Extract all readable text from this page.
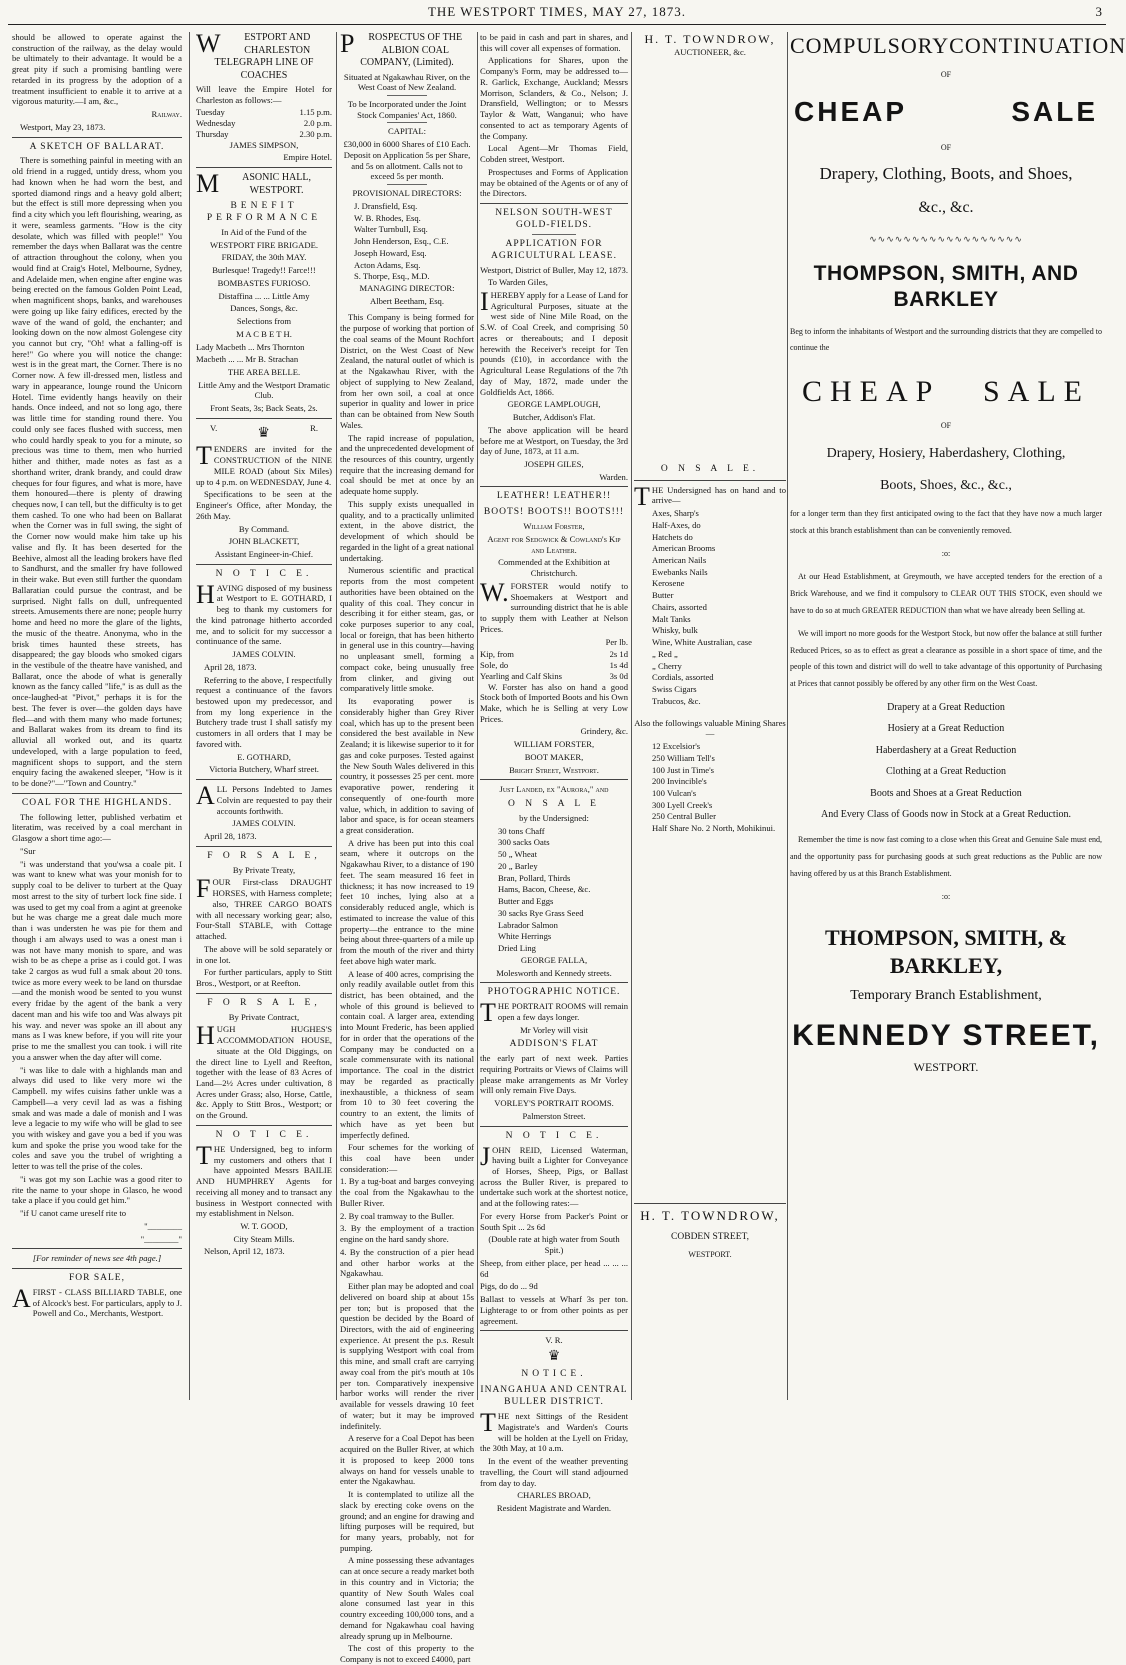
THE WESTPORT TIMES, MAY 27, 1873.	3

should be allowed to operate against the construction of the railway, as the delay would be ultimately to their advantage. It would be a great pity if such a promising bantling were retarded in its progress by the adoption of a treatment insufficient to enable it to arrive at a vigorous maturity.—I am, &c.,

Railway.

Westport, May 23, 1873.

A SKETCH OF BALLARAT.

There is something painful in meeting with an old friend in a rugged, untidy dress, whom you had known when he had worn the best, and sported diamond rings and a heavy gold albert; but the effect is still more depressing when you find a city which you left flourishing, wearing, as it were, seamless garments. "How is the city desolate, which was filled with people!" You remember the days when Ballarat was the centre of attraction throughout the colony, when you would find at Craig's Hotel, Melbourne, Sydney, and Adelaide men, when engine after engine was being erected on the famous Golden Point Lead, when magnificent shops, banks, and warehouses were going up like fairy edifices, erected by the wave of the wand of gold, the enchanter; and looking down on the now almost Golengese city you cannot but cry, "Oh! what a falling-off is here!" Go where you will notice the change: west is in the great mart, the Corner. There is no Corner now. A few ill-dressed men, listless and wary in appearance, lounge round the Unicorn Hotel. Time evidently hangs heavily on their hands. Once indeed, and not so long ago, there was little time for standing round there. You could only see faces flushed with success, men who could hardly speak to you for a minute, so precious was time to them, men who hurried hither and thither, made notes as fast as a shorthand writer, drank brandy, and could draw cheques for four figures, and what is more, have them honoured—there is plenty of drawing cheques now, I can tell, but the difficulty is to get them cashed. To one who had been on Ballarat when the Corner was in full swing, the sight of the Corner now would make him take up his valise and fly. It has been deserted for the Beehive, almost all the leading brokers have fled to Sandhurst, and the smaller fry have followed in their wake. But even still further the quondam Ballaratian could pursue the contrast, and be surprised. Night falls on dull, unfrequented streets. Amusements there are none; people hurry home and heed no more the glare of the lights, the music of the theatre. Anonyma, who in the brisk times haunted these streets, has disappeared; the gay bloods who smoked cigars in the vestibule of the theatre have vanished, and Ballarat, once the abode of what is generally known as the fancy called "life," is as dull as the once-laughed-at "Pivot," perhaps it is for the best. The fever is over—the golden days have fled—and with them many who made fortunes; and Ballarat wakes from its dream to find its alluvial all worked out, and its quartz undeveloped, with a large population to feed, magnificent shops to support, and the stern enquiry facing the awakened sleeper, "How is it to be done?"—"Town and Country."

COAL FOR THE HIGHLANDS.

The following letter, published verbatim et literatim, was received by a coal merchant in Glasgow a short time ago:—

"Sur

"i was understand that you'wsa a coale pit. I was want to knew what was your monish for to supply coal to be deliver to turbert at the Quay most arrest to the sity of turbert lock fine side. I was used to get my coal from a agint at greenoke but he was charge me a great dale much more than i was understen he was pie for them and though i am always used to was a onest man i was not have many monish to spare, and was wish to be as chepe a prise as i could got. I was take 2 cargos as wud full a smak about 20 tons. twice as more every week to be land on thursdae—and the monish wood be sented to you wunst every fridae by the agent of the bank a very dacent man and his wife too and Was always pit his way. and never was spoke an ill about any mans as I was knew before, if you will rite your prise to me the smallest you can took. i will rite you a answer when the day after will come.

"i was like to dale with a highlands man and always did used to like very more wi the Campbell. my wifes cuisins father unkle was a Campbell—a very cevil lad as was a fishing smak and was made a dale of monish and I was leve a legacie to my wife who will be glad to see you with wiskey and gave you a bed if you was kum and spoke the prise you wood take for the coles and save you the trubel of wrighting a letter to was tell the prise of the coles.

"i was got my son Lachie was a good riter to rite the name to your shope in Glasco, he wood take a place if you could get him."

"if U canot came ureself rite to

"________

"________"

[For reminder of news see 4th page.]

FOR SALE,

AFIRST - CLASS BILLIARD TABLE, one of Alcock's best. For particulars, apply to J. Powell and Co., Merchants, Westport.

WESTPORT AND CHARLESTON TELEGRAPH LINE OF COACHES

Will leave the Empire Hotel for Charleston as follows:—

Tuesday	1.15 p.m.
Wednesday	2.0 p.m.
Thursday	2.30 p.m.

JAMES SIMPSON,

Empire Hotel.

MASONIC HALL, WESTPORT.

BENEFIT PERFORMANCE

In Aid of the Fund of the

WESTPORT FIRE BRIGADE.

FRIDAY, the 30th MAY.

Burlesque! Tragedy!! Farce!!!

BOMBASTES FURIOSO.

Distaffina ... ... Little Amy

Dances, Songs, &c.

Selections from

M A C B E T H.

Lady Macbeth ... Mrs Thornton

Macbeth ... ... Mr B. Strachan

THE AREA BELLE.

Little Amy and the Westport Dramatic Club.

Front Seats, 3s; Back Seats, 2s.

V.	♛	R.

TENDERS are invited for the CONSTRUCTION of the NINE MILE ROAD (about Six Miles) up to 4 p.m. on WEDNESDAY, June 4.

Specifications to be seen at the Engineer's Office, after Monday, the 26th May.

By Command.

JOHN BLACKETT,

Assistant Engineer-in-Chief.

N O T I C E.

HAVING disposed of my business at Westport to E. GOTHARD, I beg to thank my customers for the kind patronage hitherto accorded me, and to solicit for my successor a continuance of the same.

JAMES COLVIN.

April 28, 1873.

Referring to the above, I respectfully request a continuance of the favors bestowed upon my predecessor, and from my long experience in the Butchery trade trust I shall satisfy my customers in all orders that I may be favored with.

E. GOTHARD,

Victoria Butchery, Wharf street.

ALL Persons Indebted to James Colvin are requested to pay their accounts forthwith.

JAMES COLVIN.

April 28, 1873.

F O R S A L E,

By Private Treaty,

FOUR First-class DRAUGHT HORSES, with Harness complete; also, THREE CARGO BOATS with all necessary working gear; also, Four-Stall STABLE, with Cottage attached.

The above will be sold separately or in one lot.

For further particulars, apply to Stitt Bros., Westport, or at Reefton.

F O R S A L E,

By Private Contract,

HUGH HUGHES'S ACCOMMODATION HOUSE, situate at the Old Diggings, on the direct line to Lyell and Reefton, together with the lease of 83 Acres of Land—2½ Acres under cultivation, 8 Acres under Grass; also, Horse, Cattle, &c. Apply to Stitt Bros., Westport; or on the Ground.

N O T I C E.

THE Undersigned, beg to inform my customers and others that I have appointed Messrs BAILIE AND HUMPHREY Agents for receiving all money and to transact any business in Westport connected with my establishment in Nelson.

W. T. GOOD,

City Steam Mills.

Nelson, April 12, 1873.

PROSPECTUS OF THE ALBION COAL COMPANY, (Limited).

Situated at Ngakawhau River, on the West Coast of New Zealand.

To be Incorporated under the Joint Stock Companies' Act, 1860.

CAPITAL:

£30,000 in 6000 Shares of £10 Each. Deposit on Application 5s per Share, and 5s on allotment. Calls not to exceed 5s per month.

PROVISIONAL DIRECTORS:

J. Dransfield, Esq.

W. B. Rhodes, Esq.

Walter Turnbull, Esq.

John Henderson, Esq., C.E.

Joseph Howard, Esq.

Acton Adams, Esq.

S. Thorpe, Esq., M.D.

MANAGING DIRECTOR:

Albert Beetham, Esq.

This Company is being formed for the purpose of working that portion of the coal seams of the Mount Rochfort District, on the West Coast of New Zealand, the natural outlet of which is at the Ngakawhau River, with the object of supplying to New Zealand, from her own soil, a coal at once superior in quality and lower in price than can be obtained from New South Wales.

The rapid increase of population, and the unprecedented development of the resources of this country, urgently require that the increasing demand for coal should be met at once by an adequate home supply.

This supply exists unequalled in quality, and to a practically unlimited extent, in the above district, the development of which should be regarded in the light of a great national undertaking.

Numerous scientific and practical reports from the most competent authorities have been obtained on the quality of this coal. They concur in describing it for either steam, gas, or coke purposes superior to any coal, local or foreign, that has been hitherto in general use in this country—having no unpleasant smell, forming a compact coke, being unusually free from clinker, and giving out comparatively little smoke.

Its evaporating power is considerably higher than Grey River coal, which has up to the present been considered the best available in New Zealand; it is likewise superior to it for gas and coke purposes. Tested against the New South Wales delivered in this country, it possesses 25 per cent. more evaporative power, rendering it consequently of one-fourth more value, which, in addition to saving of labor and space, is for ocean steamers a great consideration.

A drive has been put into this coal seam, where it outcrops on the Ngakawhau River, to a distance of 190 feet. The seam measured 16 feet in thickness; it has now increased to 19 feet 10 inches, lying also at a considerably reduced angle, which is estimated to increase the value of this property—the entrance to the mine being about three-quarters of a mile up from the mouth of the river and thirty feet above high water mark.

A lease of 400 acres, comprising the only readily available outlet from this district, has been obtained, and the whole of this ground is believed to contain coal. A larger area, extending into Mount Frederic, has been applied for in order that the operations of the Company may be conducted on a scale commensurate with its national importance. The coal in the district may be regarded as practically inexhaustible, a thickness of seam from 10 to 30 feet covering the country to an extent, the limits of which have as yet been but imperfectly defined.

Four schemes for the working of this coal have been under consideration:—

1. By a tug-boat and barges conveying the coal from the Ngakawhau to the Buller River.

2. By coal tramway to the Buller.

3. By the employment of a traction engine on the hard sandy shore.

4. By the construction of a pier head and other harbor works at the Ngakawhau.

Either plan may be adopted and coal delivered on board ship at about 15s per ton; but is proposed that the question be decided by the Board of Directors, with the aid of engineering experience. At present the p.s. Result is supplying Westport with coal from this mine, and small craft are carrying away coal from the pit's mouth at 10s per ton. Comparatively inexpensive harbor works will render the river available for vessels drawing 10 feet of water; but it may be improved indefinitely.

A reserve for a Coal Depot has been acquired on the Buller River, at which it is proposed to keep 2000 tons always on hand for vessels unable to enter the Ngakawhau.

It is contemplated to utilize all the slack by erecting coke ovens on the ground; and an engine for drawing and lifting purposes will be required, but for many years, probably, not for pumping.

A mine possessing these advantages can at once secure a ready market both in this country and in Victoria; the quantity of New South Wales coal alone consumed last year in this country exceeding 100,000 tons, and a demand for Ngakawhau coal having already sprung up in Melbourne.

The cost of this property to the Company is not to exceed £4000, part

to be paid in cash and part in shares, and this will cover all expenses of formation.

Applications for Shares, upon the Company's Form, may be addressed to—R. Garlick, Exchange, Auckland; Messrs Morrison, Sclanders, & Co., Nelson; J. Dransfield, Wellington; or to Messrs Taylor & Watt, Wanganui; who have consented to act as temporary Agents of the Company.

Local Agent—Mr Thomas Field, Cobden street, Westport.

Prospectuses and Forms of Application may be obtained of the Agents or of any of the Directors.

NELSON SOUTH-WEST GOLD-FIELDS.
APPLICATION FOR AGRICULTURAL LEASE.

Westport, District of Buller, May 12, 1873.

To Warden Giles,

IHEREBY apply for a Lease of Land for Agricultural Purposes, situate at the west side of Nine Mile Road, on the S.W. of Coal Creek, and comprising 50 acres or thereabouts; and I deposit herewith the Receiver's receipt for Ten pounds (£10), in accordance with the Agricultural Lease Regulations of the 7th day of May, 1872, made under the Goldfields Act, 1866.

GEORGE LAMPLOUGH,

Butcher, Addison's Flat.

The above application will be heard before me at Westport, on Tuesday, the 3rd day of June, 1873, at 11 a.m.

JOSEPH GILES,

Warden.

LEATHER! LEATHER!!
BOOTS! BOOTS!! BOOTS!!!

William Forster,

Agent for Sedgwick & Cowland's Kip and Leather.

Commended at the Exhibition at Christchurch.

W.FORSTER would notify to Shoemakers at Westport and surrounding district that he is able to supply them with Leather at Nelson Prices.

Per lb.

Kip, from	2s 1d
Sole, do	1s 4d
Yearling and Calf Skins	3s 0d

W. Forster has also on hand a good Stock both of Imported Boots and his Own Make, which he is Selling at very Low Prices.

Grindery, &c.

WILLIAM FORSTER,

BOOT MAKER,

Bright Street, Westport.

Just Landed, ex "Aurora," and

O N S A L E

by the Undersigned:

30 tons Chaff

300 sacks Oats

50 „ Wheat

20 „ Barley

Bran, Pollard, Thirds

Hams, Bacon, Cheese, &c.

Butter and Eggs

30 sacks Rye Grass Seed

Labrador Salmon

White Herrings

Dried Ling

GEORGE FALLA,

Molesworth and Kennedy streets.

PHOTOGRAPHIC NOTICE.

THE PORTRAIT ROOMS will remain open a few days longer.

Mr Vorley will visit

ADDISON'S FLAT

the early part of next week. Parties requiring Portraits or Views of Claims will please make arrangements as Mr Vorley will only remain Five Days.

VORLEY'S PORTRAIT ROOMS.

Palmerston Street.

N O T I C E.

JOHN REID, Licensed Waterman, having built a Lighter for Conveyance of Horses, Sheep, Pigs, or Ballast across the Buller River, is prepared to undertake such work at the shortest notice, and at the following rates:—

For every Horse from Packer's Point or South Spit ... 2s 6d

(Double rate at high water from South Spit.)

Sheep, from either place, per head ... ... ... 6d

Pigs, do do ... 9d

Ballast to vessels at Wharf 3s per ton. Lighterage to or from other points as per agreement.

V. R.

♛
NOTICE.
INANGAHUA AND CENTRAL BULLER DISTRICT.

THE next Sittings of the Resident Magistrate's and Warden's Courts will be holden at the Lyell on Friday, the 30th May, at 10 a.m.

In the event of the weather preventing travelling, the Court will stand adjourned from day to day.

CHARLES BROAD,

Resident Magistrate and Warden.

H. T. TOWNDROW,

AUCTIONEER, &c.

O N S A L E.

THE Undersigned has on hand and to arrive—

Axes, Sharp's

Half-Axes, do

Hatchets do

American Brooms

American Nails

Ewebanks Nails

Kerosene

Butter

Chairs, assorted

Malt Tanks

Whisky, bulk

Wine, White Australian, case

„ Red „

„ Cherry

Cordials, assorted

Swiss Cigars

Trabucos, &c.

Also the followings valuable Mining Shares—

12 Excelsior's

250 William Tell's

100 Just in Time's

200 Invincible's

100 Vulcan's

300 Lyell Creek's

250 Central Buller

Half Share No. 2 North, Mohikinui.

H. T. TOWNDROW,

COBDEN STREET,

WESTPORT.

COMPULSORY CONTINUATION
OF
CHEAP	SALE
OF
Drapery, Clothing, Boots, and Shoes,
&c., &c.
∿∿∿∿∿∿∿∿∿∿∿∿∿∿∿∿∿∿
THOMPSON, SMITH, AND BARKLEY

Beg to inform the inhabitants of Westport and the surrounding districts that they are compelled to continue the

CHEAP SALE
OF
Drapery, Hosiery, Haberdashery, Clothing,
Boots, Shoes, &c., &c.,

for a longer term than they first anticipated owing to the fact that they have now a much larger stock at this branch establishment than can be conveniently removed.

:o:

At our Head Establishment, at Greymouth, we have accepted tenders for the erection of a Brick Warehouse, and we find it compulsory to CLEAR OUT THIS STOCK, even should we have to do so at much GREATER REDUCTION than what we have already been Selling at.

We will import no more goods for the Westport Stock, but now offer the balance at still further Reduced Prices, so as to effect as great a clearance as possible in a short space of time, and the people of this town and district will do well to take advantage of this opportunity of Purchasing at Prices that cannot possibly be offered by any other firm on the West Coast.

Drapery at a Great Reduction

Hosiery at a Great Reduction

Haberdashery at a Great Reduction

Clothing at a Great Reduction

Boots and Shoes at a Great Reduction

And Every Class of Goods now in Stock at a Great Reduction.

Remember the time is now fast coming to a close when this Great and Genuine Sale must end, and the opportunity pass for purchasing goods at such great reductions as the Public are now having offered by us at this Branch Establishment.

:o:
THOMPSON, SMITH, & BARKLEY,
Temporary Branch Establishment,
KENNEDY STREET,
WESTPORT.
